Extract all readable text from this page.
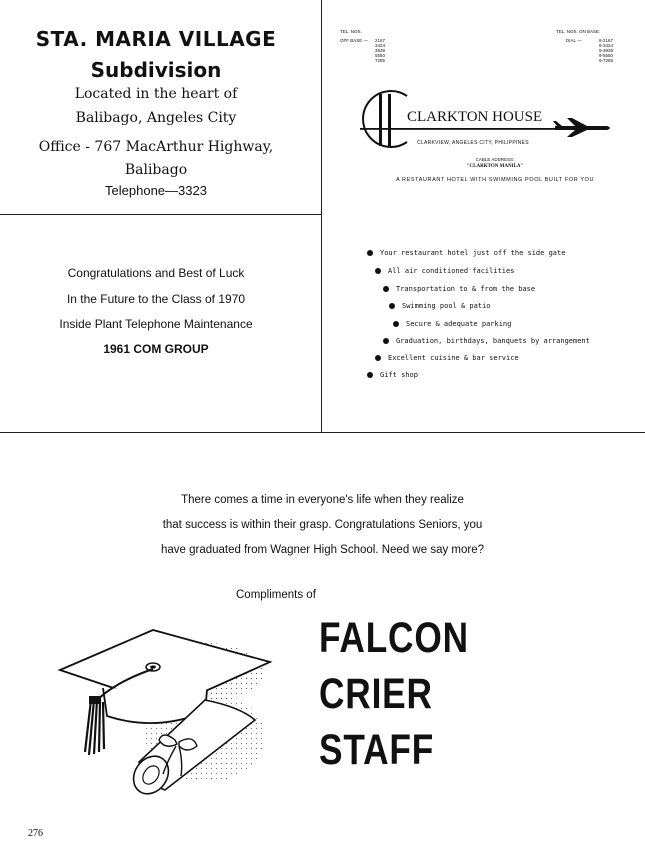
STA. MARIA VILLAGE
Subdivision
Located in the heart of
Balibago, Angeles City
Office - 767 MacArthur Highway,
Balibago
Telephone—3323
Congratulations and Best of Luck
In the Future to the Class of 1970
Inside Plant Telephone Maintenance
1961 COM GROUP
TEL. NOS.
OFF BASE — 2167
3424
3939
5550
7285
TEL. NOS. ON BASE:
DIAL —	9-2167
9-3424
9-3939
9-5550
9-7285
CLARKTON HOUSE
CLARKVIEW, ANGELES CITY, PHILIPPINES
CABLE ADDRESS:
"CLARKTON MANILA"
A RESTAURANT HOTEL WITH SWIMMING POOL BUILT FOR YOU
Your restaurant hotel just off the side gate
All air conditioned facilities
Transportation to & from the base
Swimming pool & patio
Secure & adequate parking
Graduation, birthdays, banquets by arrangement
Excellent cuisine & bar service
Gift shop
There comes a time in everyone's life when they realize
that success is within their grasp. Congratulations Seniors, you
have graduated from Wagner High School. Need we say more?
Compliments of
FALCON
CRIER
STAFF
276
